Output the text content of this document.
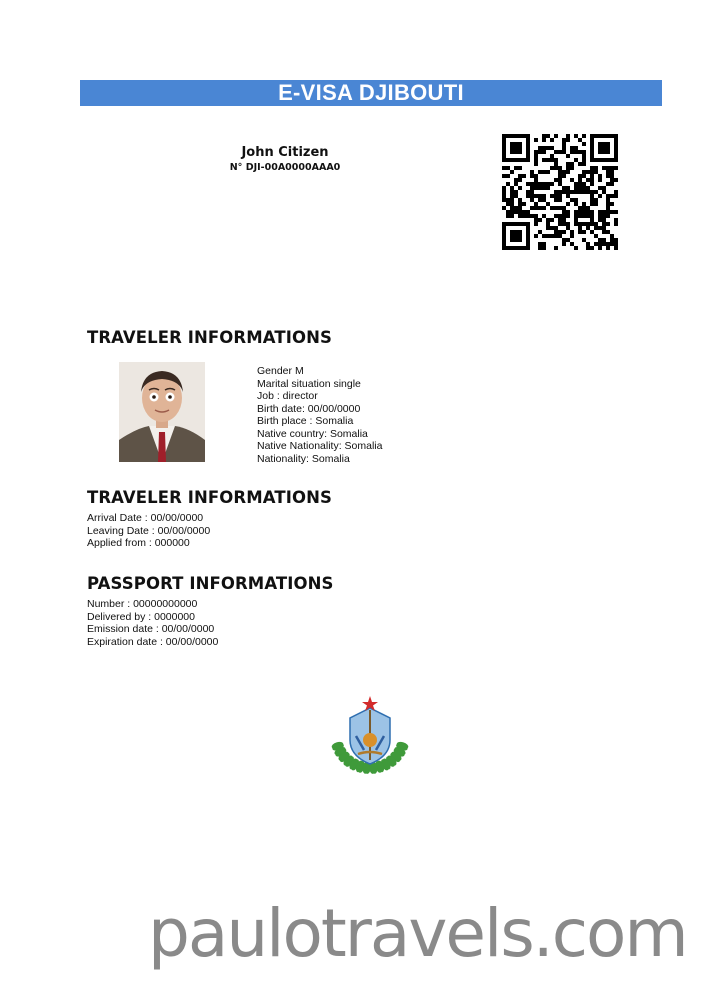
E-VISA DJIBOUTI
John Citizen
N° DJI-00A0000AAA0
TRAVELER INFORMATIONS
Gender M
Marital situation single
Job : director
Birth date: 00/00/0000
Birth place : Somalia
Native country: Somalia
Native Nationality: Somalia
Nationality: Somalia
TRAVELER INFORMATIONS
Arrival Date : 00/00/0000
Leaving Date : 00/00/0000
Applied from : 000000
PASSPORT INFORMATIONS
Number : 00000000000
Delivered by : 0000000
Emission date : 00/00/0000
Expiration date : 00/00/0000
paulotravels.com
